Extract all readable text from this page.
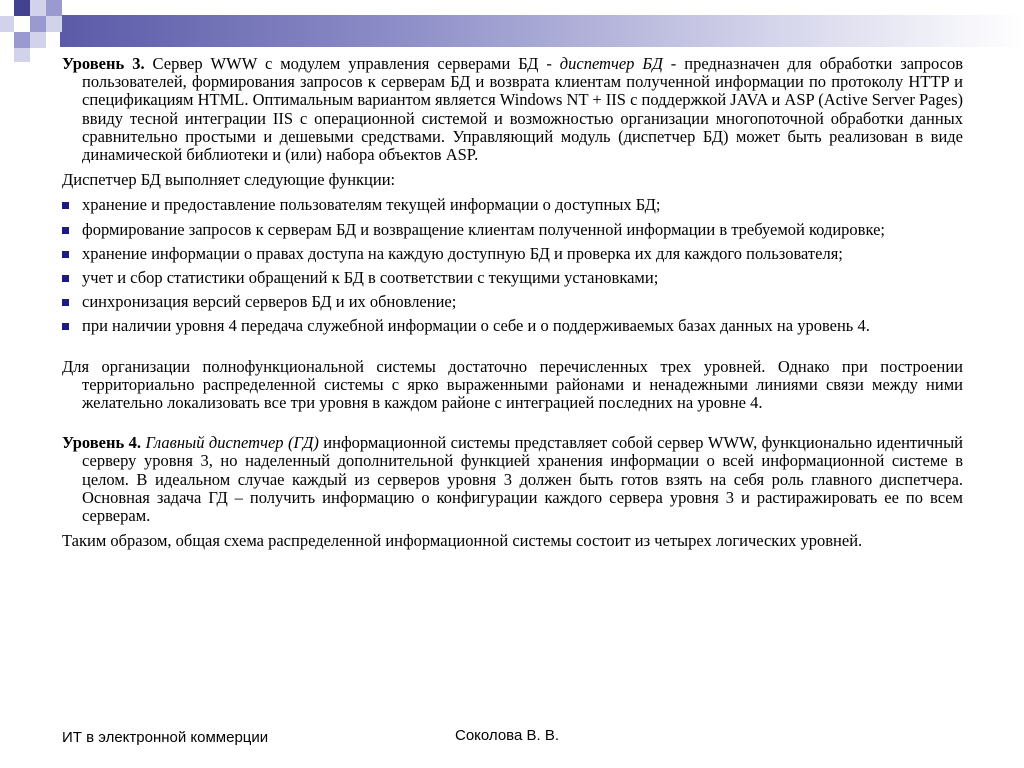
Уровень 3. Сервер WWW с модулем управления серверами БД - диспетчер БД - предназначен для обработки запросов пользователей, формирования запросов к серверам БД и возврата клиентам полученной информации по протоколу HTTP и спецификациям HTML. Оптимальным вариантом является Windows NT + IIS с поддержкой JAVA и ASP (Active Server Pages) ввиду тесной интеграции IIS с операционной системой и возможностью организации многопоточной обработки данных сравнительно простыми и дешевыми средствами. Управляющий модуль (диспетчер БД) может быть реализован в виде динамической библиотеки и (или) набора объектов ASP.

Диспетчер БД выполняет следующие функции:

хранение и предоставление пользователям текущей информации о доступных БД;
формирование запросов к серверам БД и возвращение клиентам полученной информации в требуемой кодировке;
хранение информации о правах доступа на каждую доступную БД и проверка их для каждого пользователя;
учет и сбор статистики обращений к БД в соответствии с текущими установками;
синхронизация версий серверов БД и их обновление;
при наличии уровня 4 передача служебной информации о себе и о поддерживаемых базах данных на уровень 4.

Для организации полнофункциональной системы достаточно перечисленных трех уровней. Однако при построении территориально распределенной системы с ярко выраженными районами и ненадежными линиями связи между ними желательно локализовать все три уровня в каждом районе с интеграцией последних на уровне 4.

Уровень 4. Главный диспетчер (ГД) информационной системы представляет собой сервер WWW, функционально идентичный серверу уровня 3, но наделенный дополнительной функцией хранения информации о всей информационной системе в целом. В идеальном случае каждый из серверов уровня 3 должен быть готов взять на себя роль главного диспетчера. Основная задача ГД – получить информацию о конфигурации каждого сервера уровня 3 и растиражировать ее по всем серверам.

Таким образом, общая схема распределенной информационной системы состоит из четырех логических уровней.

ИТ в электронной коммерции	Соколова В. В.
